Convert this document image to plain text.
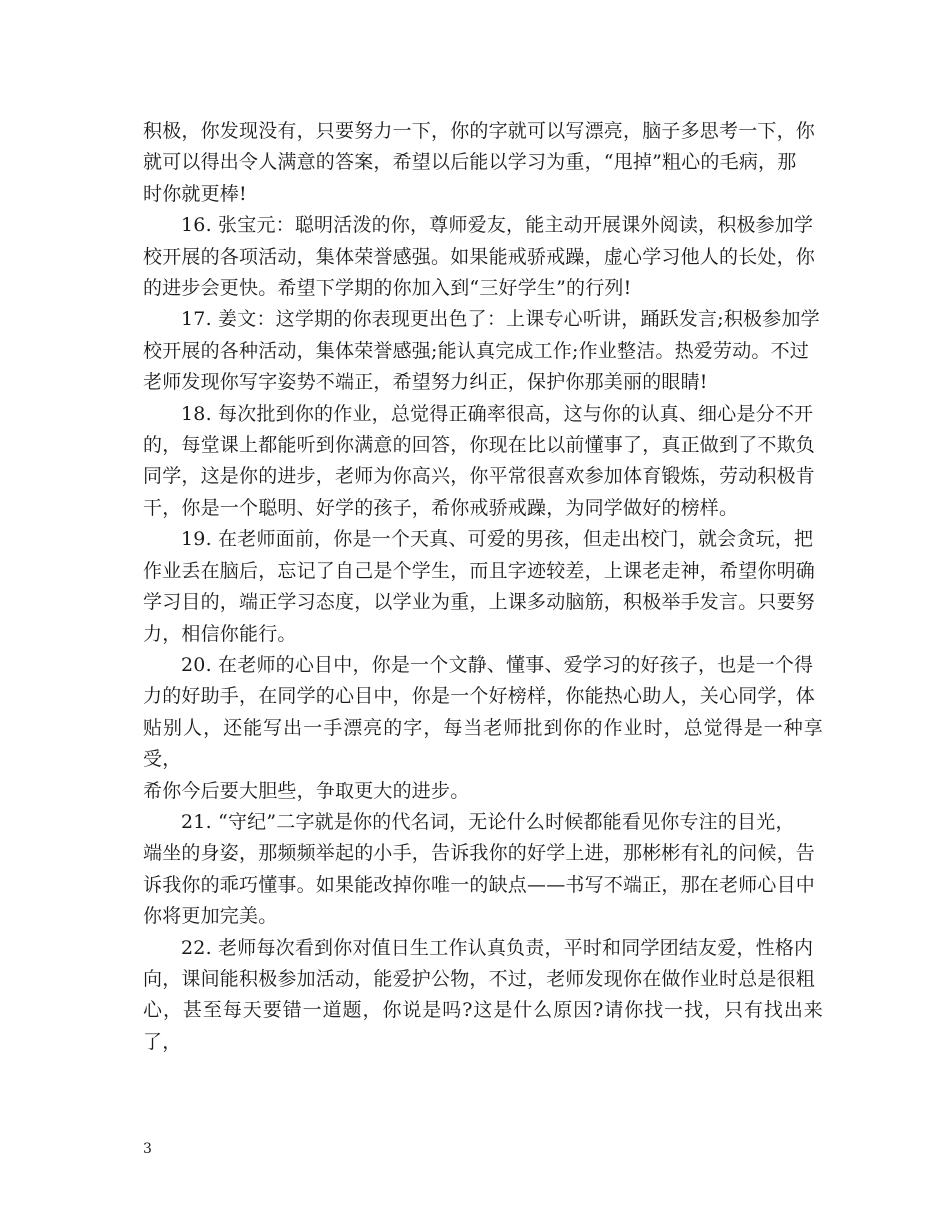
积极，你发现没有，只要努力一下，你的字就可以写漂亮，脑子多思考一下，你
就可以得出令人满意的答案，希望以后能以学习为重，“甩掉”粗心的毛病，那
时你就更棒!

16. 张宝元：聪明活泼的你，尊师爱友，能主动开展课外阅读，积极参加学
校开展的各项活动，集体荣誉感强。如果能戒骄戒躁，虚心学习他人的长处，你
的进步会更快。希望下学期的你加入到“三好学生”的行列!

17. 姜文：这学期的你表现更出色了：上课专心听讲，踊跃发言;积极参加学
校开展的各种活动，集体荣誉感强;能认真完成工作;作业整洁。热爱劳动。不过
老师发现你写字姿势不端正，希望努力纠正，保护你那美丽的眼睛!

18. 每次批到你的作业，总觉得正确率很高，这与你的认真、细心是分不开
的，每堂课上都能听到你满意的回答，你现在比以前懂事了，真正做到了不欺负
同学，这是你的进步，老师为你高兴，你平常很喜欢参加体育锻炼，劳动积极肯
干，你是一个聪明、好学的孩子，希你戒骄戒躁，为同学做好的榜样。

19. 在老师面前，你是一个天真、可爱的男孩，但走出校门，就会贪玩，把
作业丢在脑后，忘记了自己是个学生，而且字迹较差，上课老走神，希望你明确
学习目的，端正学习态度，以学业为重，上课多动脑筋，积极举手发言。只要努
力，相信你能行。

20. 在老师的心目中，你是一个文静、懂事、爱学习的好孩子，也是一个得
力的好助手，在同学的心目中，你是一个好榜样，你能热心助人，关心同学，体
贴别人，还能写出一手漂亮的字，每当老师批到你的作业时，总觉得是一种享受，
希你今后要大胆些，争取更大的进步。

21. “守纪”二字就是你的代名词，无论什么时候都能看见你专注的目光，
端坐的身姿，那频频举起的小手，告诉我你的好学上进，那彬彬有礼的问候，告
诉我你的乖巧懂事。如果能改掉你唯一的缺点——书写不端正，那在老师心目中
你将更加完美。

22. 老师每次看到你对值日生工作认真负责，平时和同学团结友爱，性格内
向，课间能积极参加活动，能爱护公物，不过，老师发现你在做作业时总是很粗
心，甚至每天要错一道题，你说是吗?这是什么原因?请你找一找，只有找出来了，

3
